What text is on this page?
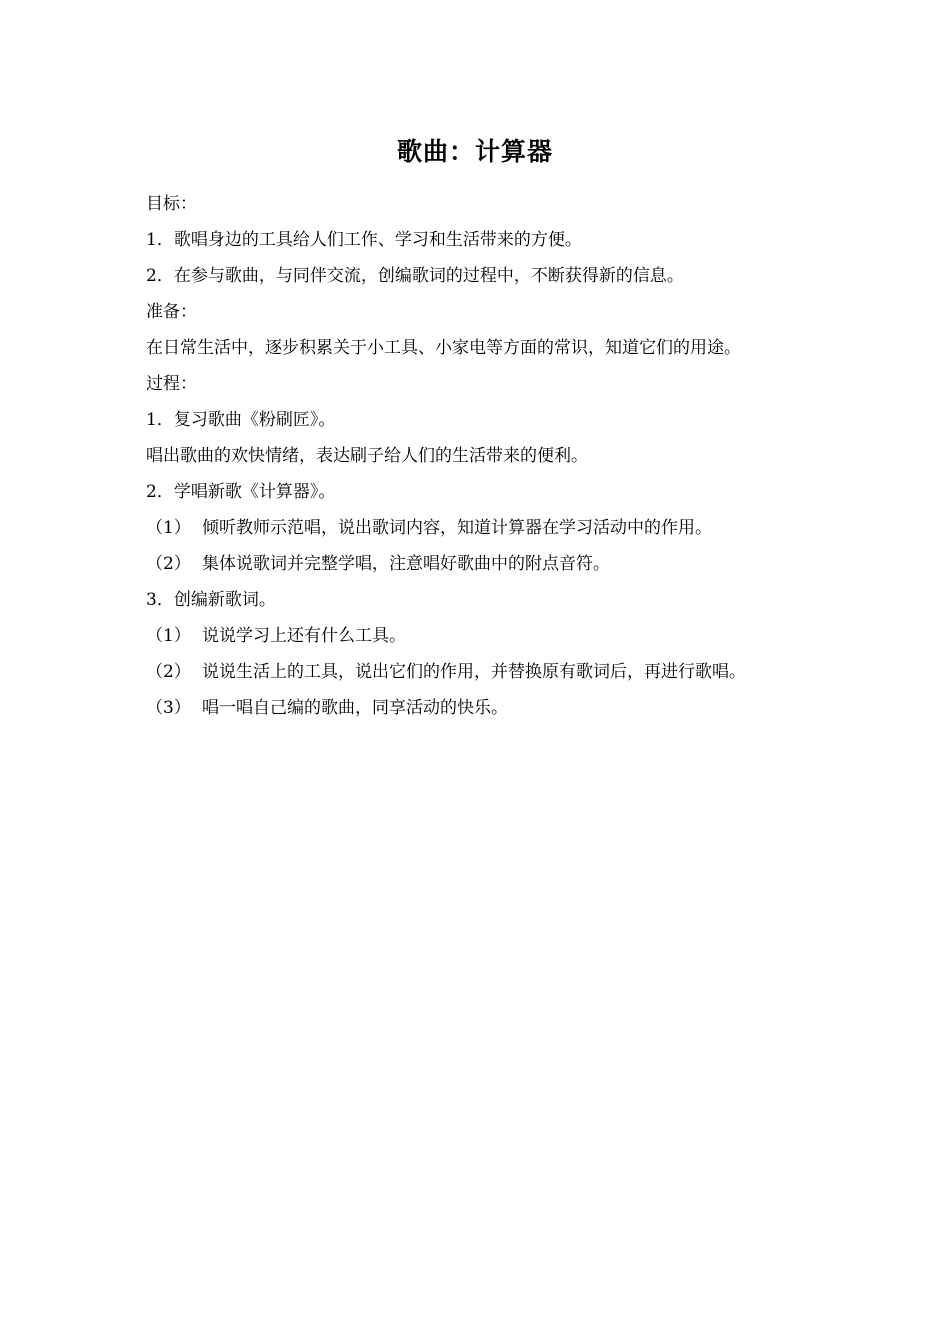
歌曲：计算器
目标：
1．歌唱身边的工具给人们工作、学习和生活带来的方便。
2．在参与歌曲，与同伴交流，创编歌词的过程中，不断获得新的信息。
准备：
在日常生活中，逐步积累关于小工具、小家电等方面的常识，知道它们的用途。
过程：
1．复习歌曲《粉刷匠》。
唱出歌曲的欢快情绪，表达刷子给人们的生活带来的便利。
2．学唱新歌《计算器》。
（1） 倾听教师示范唱，说出歌词内容，知道计算器在学习活动中的作用。
（2） 集体说歌词并完整学唱，注意唱好歌曲中的附点音符。
3．创编新歌词。
（1） 说说学习上还有什么工具。
（2） 说说生活上的工具，说出它们的作用，并替换原有歌词后，再进行歌唱。
（3） 唱一唱自己编的歌曲，同享活动的快乐。
